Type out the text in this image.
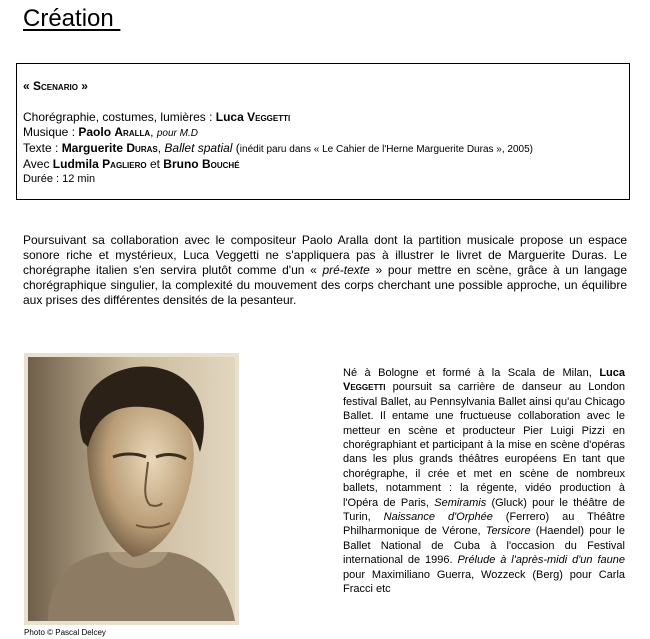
Création
« Scenario »
Chorégraphie, costumes, lumières : Luca Veggetti
Musique : Paolo Aralla, pour M.D
Texte : Marguerite Duras, Ballet spatial (inédit paru dans « Le Cahier de l'Herne Marguerite Duras », 2005)
Avec Ludmila Pagliero et Bruno Bouché
Durée : 12 min

Poursuivant sa collaboration avec le compositeur Paolo Aralla dont la partition musicale propose un espace sonore riche et mystérieux, Luca Veggetti ne s'appliquera pas à illustrer le livret de Marguerite Duras. Le chorégraphe italien s'en servira plutôt comme d'un « pré-texte » pour mettre en scène, grâce à un langage chorégraphique singulier, la complexité du mouvement des corps cherchant une possible approche, un équilibre aux prises des différentes densités de la pesanteur.

Photo © Pascal Delcey

Né à Bologne et formé à la Scala de Milan, Luca Veggetti poursuit sa carrière de danseur au London festival Ballet, au Pennsylvania Ballet ainsi qu'au Chicago Ballet. Il entame une fructueuse collaboration avec le metteur en scène et producteur Pier Luigi Pizzi en chorégraphiant et participant à la mise en scène d'opéras dans les plus grands théâtres européens En tant que chorégraphe, il crée et met en scène de nombreux ballets, notamment : la régente, vidéo production à l'Opéra de Paris, Semiramis (Gluck) pour le théâtre de Turin, Naissance d'Orphée (Ferrero) au Théâtre Philharmonique de Vérone, Tersicore (Haendel) pour le Ballet National de Cuba à l'occasion du Festival international de 1996. Prélude à l'après-midi d'un faune pour Maximiliano Guerra, Wozzeck (Berg) pour Carla Fracci etc
